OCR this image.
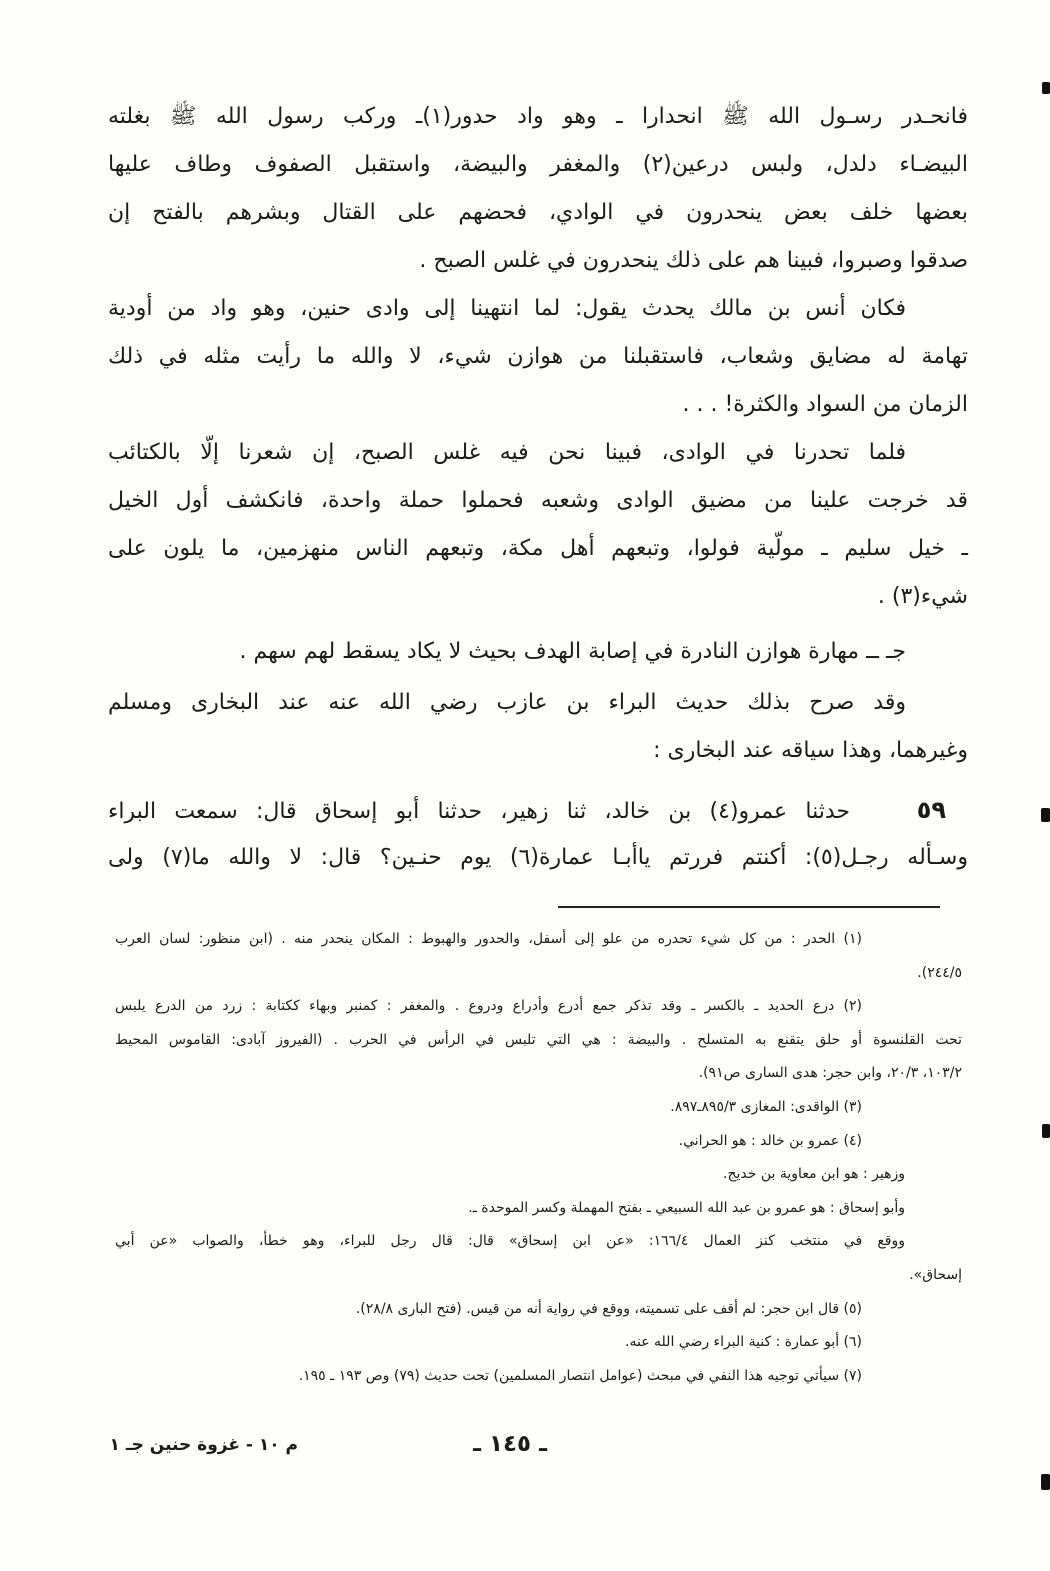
فانحـدر رسـول الله ﷺ انحدارا ـ وهو واد حدور(١)ـ وركب رسول الله ﷺ بغلته
البيضـاء دلدل، ولبس درعين(٢) والمغفر والبيضة، واستقبل الصفوف وطاف عليها
بعضها خلف بعض ينحدرون في الوادي، فحضهم على القتال وبشرهم بالفتح إن
صدقوا وصبروا، فبينا هم على ذلك ينحدرون في غلس الصبح .
فكان أنس بن مالك يحدث يقول: لما انتهينا إلى وادى حنين، وهو واد من أودية
تهامة له مضايق وشعاب، فاستقبلنا من هوازن شيء، لا والله ما رأيت مثله في ذلك
الزمان من السواد والكثرة! . . .
فلما تحدرنا في الوادى، فبينا نحن فيه غلس الصبح، إن شعرنا إلّا بالكتائب
قد خرجت علينا من مضيق الوادى وشعبه فحملوا حملة واحدة، فانكشف أول الخيل
ـ خيل سليم ـ مولّية فولوا، وتبعهم أهل مكة، وتبعهم الناس منهزمين، ما يلون على
شيء(٣) .
جـ ــ مهارة هوازن النادرة في إصابة الهدف بحيث لا يكاد يسقط لهم سهم .
وقد صرح بذلك حديث البراء بن عازب رضي الله عنه عند البخارى ومسلم
وغيرهما، وهذا سياقه عند البخارى :
٥٩
حدثنا عمرو(٤) بن خالد، ثنا زهير، حدثنا أبو إسحاق قال: سمعت البراء
وسـأله رجـل(٥): أكنتم فررتم ياأبـا عمارة(٦) يوم حنـين؟ قال: لا والله ما(٧) ولى
(١) الحدر : من كل شيء تحدره من علو إلى أسفل، والحدور والهبوط : المكان ينحدر منه . (ابن منظور: لسان العرب
٢٤٤/٥).
(٢) درع الحديد ـ بالكسر ـ وقد تذكر جمع أدرع وأدراع ودروع . والمغفر : كمنبر وبهاء ككتابة : زرد من الدرع يلبس
تحت القلنسوة أو حلق يتقنع به المتسلح . والبيضة : هي التي تلبس في الرأس في الحرب . (الفيروز آبادى: القاموس المحيط
١٠٣/٢، ٢٠/٣، وابن حجر: هدى السارى ص٩١).
(٣) الواقدى: المغازى ٨٩٥/٣ـ٨٩٧.
(٤) عمرو بن خالد : هو الحراني.
وزهير : هو ابن معاوية بن خديج.
وأبو إسحاق : هو عمرو بن عبد الله السبيعي ـ بفتح المهملة وكسر الموحدة ـ.
ووقع في منتخب كنز العمال ١٦٦/٤: «عن ابن إسحاق» قال: قال رجل للبراء، وهو خطأ، والصواب «عن أبي
إسحاق».
(٥) قال ابن حجر: لم أقف على تسميته، ووقع في رواية أنه من قيس. (فتح البارى ٢٨/٨).
(٦) أبو عمارة : كنية البراء رضي الله عنه.
(٧) سيأتي توجيه هذا النفي في مبحث (عوامل انتصار المسلمين) تحت حديث (٧٩) وص ١٩٣ ـ ١٩٥.
ـ ١٤٥ ـ
م ١٠ - غزوة حنين جـ ١
